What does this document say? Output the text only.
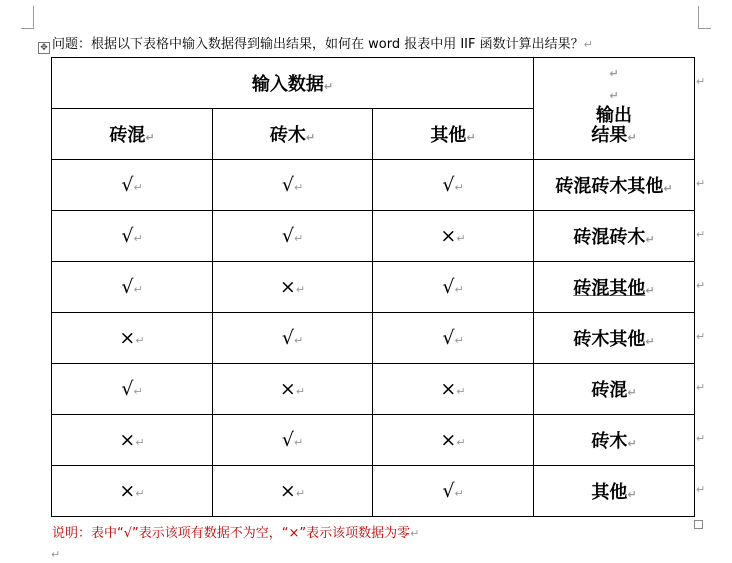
问题：根据以下表格中输入数据得到输出结果，如何在 word 报表中用 IIF 函数计算出结果？↵
✥
输入数据↵			↵
↵
输出
结果↵

砖混↵	砖木↵	其他↵	
√↵	√↵	√↵	砖混砖木其他↵
√↵	√↵	×↵	砖混砖木↵
√↵	×↵	√↵	砖混其他↵
×↵	√↵	√↵	砖木其他↵
√↵	×↵	×↵	砖混↵
×↵	√↵	×↵	砖木↵
×↵	×↵	√↵	其他↵
说明：表中“√”表示该项有数据不为空，“×”表示该项数据为零↵
↵
↵
↵
↵
↵
↵
↵
↵
↵
